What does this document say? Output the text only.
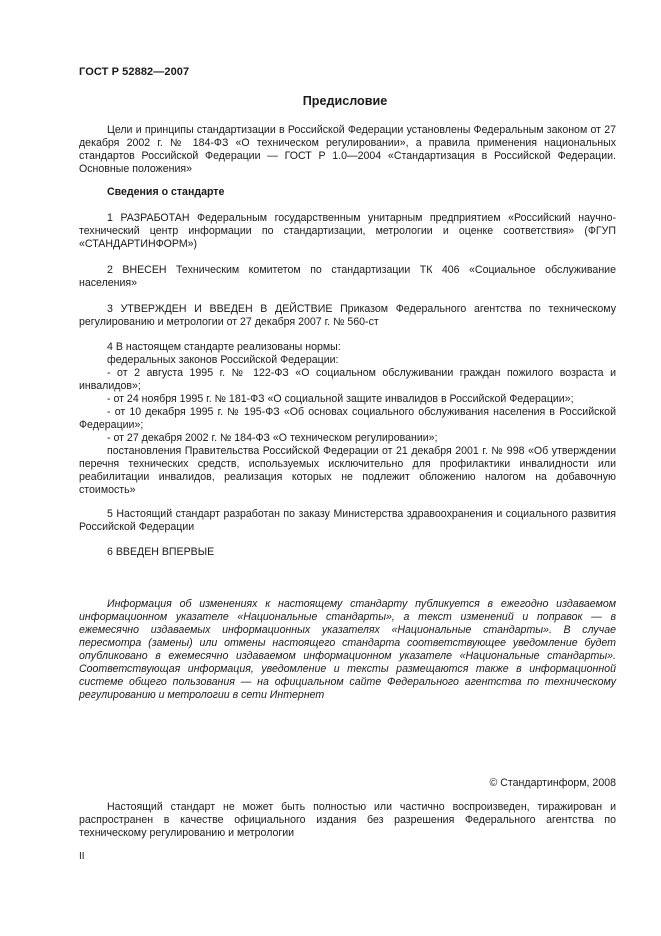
ГОСТ Р 52882—2007
Предисловие

Цели и принципы стандартизации в Российской Федерации установлены Федеральным законом от 27 декабря 2002 г. № 184-ФЗ «О техническом регулировании», а правила применения национальных стандартов Российской Федерации — ГОСТ Р 1.0—2004 «Стандартизация в Российской Федерации. Основные положения»

Сведения о стандарте

1 РАЗРАБОТАН Федеральным государственным унитарным предприятием «Российский научно-технический центр информации по стандартизации, метрологии и оценке соответствия» (ФГУП «СТАНДАРТИНФОРМ»)

2 ВНЕСЕН Техническим комитетом по стандартизации ТК 406 «Социальное обслуживание населения»

3 УТВЕРЖДЕН И ВВЕДЕН В ДЕЙСТВИЕ Приказом Федерального агентства по техническому регулированию и метрологии от 27 декабря 2007 г. № 560-ст

4 В настоящем стандарте реализованы нормы:

федеральных законов Российской Федерации:

- от 2 августа 1995 г. № 122-ФЗ «О социальном обслуживании граждан пожилого возраста и инвалидов»;

- от 24 ноября 1995 г. № 181-ФЗ «О социальной защите инвалидов в Российской Федерации»;

- от 10 декабря 1995 г. № 195-ФЗ «Об основах социального обслуживания населения в Российской Федерации»;

- от 27 декабря 2002 г. № 184-ФЗ «О техническом регулировании»;

постановления Правительства Российской Федерации от 21 декабря 2001 г. № 998 «Об утверждении перечня технических средств, используемых исключительно для профилактики инвалидности или реабилитации инвалидов, реализация которых не подлежит обложению налогом на добавочную стоимость»

5 Настоящий стандарт разработан по заказу Министерства здравоохранения и социального развития Российской Федерации

6 ВВЕДЕН ВПЕРВЫЕ

Информация об изменениях к настоящему стандарту публикуется в ежегодно издаваемом информационном указателе «Национальные стандарты», а текст изменений и поправок — в ежемесячно издаваемых информационных указателях «Национальные стандарты». В случае пересмотра (замены) или отмены настоящего стандарта соответствующее уведомление будет опубликовано в ежемесячно издаваемом информационном указателе «Национальные стандарты». Соответствующая информация, уведомление и тексты размещаются также в информационной системе общего пользования — на официальном сайте Федерального агентства по техническому регулированию и метрологии в сети Интернет

© Стандартинформ, 2008

Настоящий стандарт не может быть полностью или частично воспроизведен, тиражирован и распространен в качестве официального издания без разрешения Федерального агентства по техническому регулированию и метрологии

II
